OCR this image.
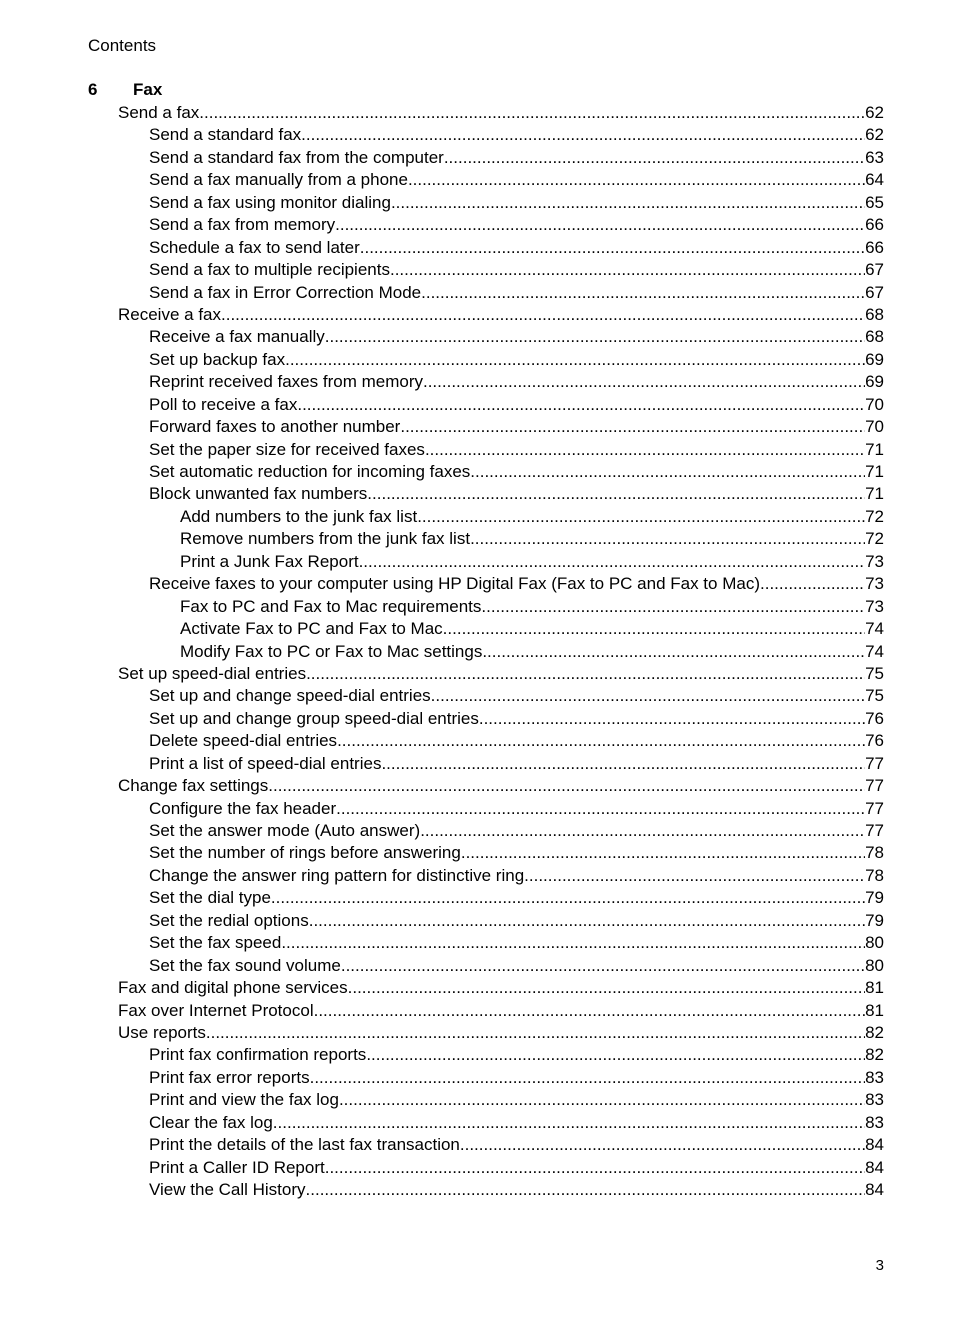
Contents
6	Fax
Send a fax .....	62
Send a standard fax .....	62
Send a standard fax from the computer .....	63
Send a fax manually from a phone .....	64
Send a fax using monitor dialing .....	65
Send a fax from memory .....	66
Schedule a fax to send later .....	66
Send a fax to multiple recipients .....	67
Send a fax in Error Correction Mode .....	67
Receive a fax .....	68
Receive a fax manually .....	68
Set up backup fax .....	69
Reprint received faxes from memory .....	69
Poll to receive a fax .....	70
Forward faxes to another number .....	70
Set the paper size for received faxes .....	71
Set automatic reduction for incoming faxes .....	71
Block unwanted fax numbers .....	71
Add numbers to the junk fax list .....	72
Remove numbers from the junk fax list .....	72
Print a Junk Fax Report .....	73
Receive faxes to your computer using HP Digital Fax (Fax to PC and Fax to Mac) .....	73
Fax to PC and Fax to Mac requirements .....	73
Activate Fax to PC and Fax to Mac .....	74
Modify Fax to PC or Fax to Mac settings .....	74
Set up speed-dial entries .....	75
Set up and change speed-dial entries .....	75
Set up and change group speed-dial entries .....	76
Delete speed-dial entries .....	76
Print a list of speed-dial entries .....	77
Change fax settings .....	77
Configure the fax header .....	77
Set the answer mode (Auto answer) .....	77
Set the number of rings before answering .....	78
Change the answer ring pattern for distinctive ring .....	78
Set the dial type .....	79
Set the redial options .....	79
Set the fax speed .....	80
Set the fax sound volume .....	80
Fax and digital phone services .....	81
Fax over Internet Protocol .....	81
Use reports .....	82
Print fax confirmation reports .....	82
Print fax error reports .....	83
Print and view the fax log .....	83
Clear the fax log .....	83
Print the details of the last fax transaction .....	84
Print a Caller ID Report .....	84
View the Call History .....	84
3
